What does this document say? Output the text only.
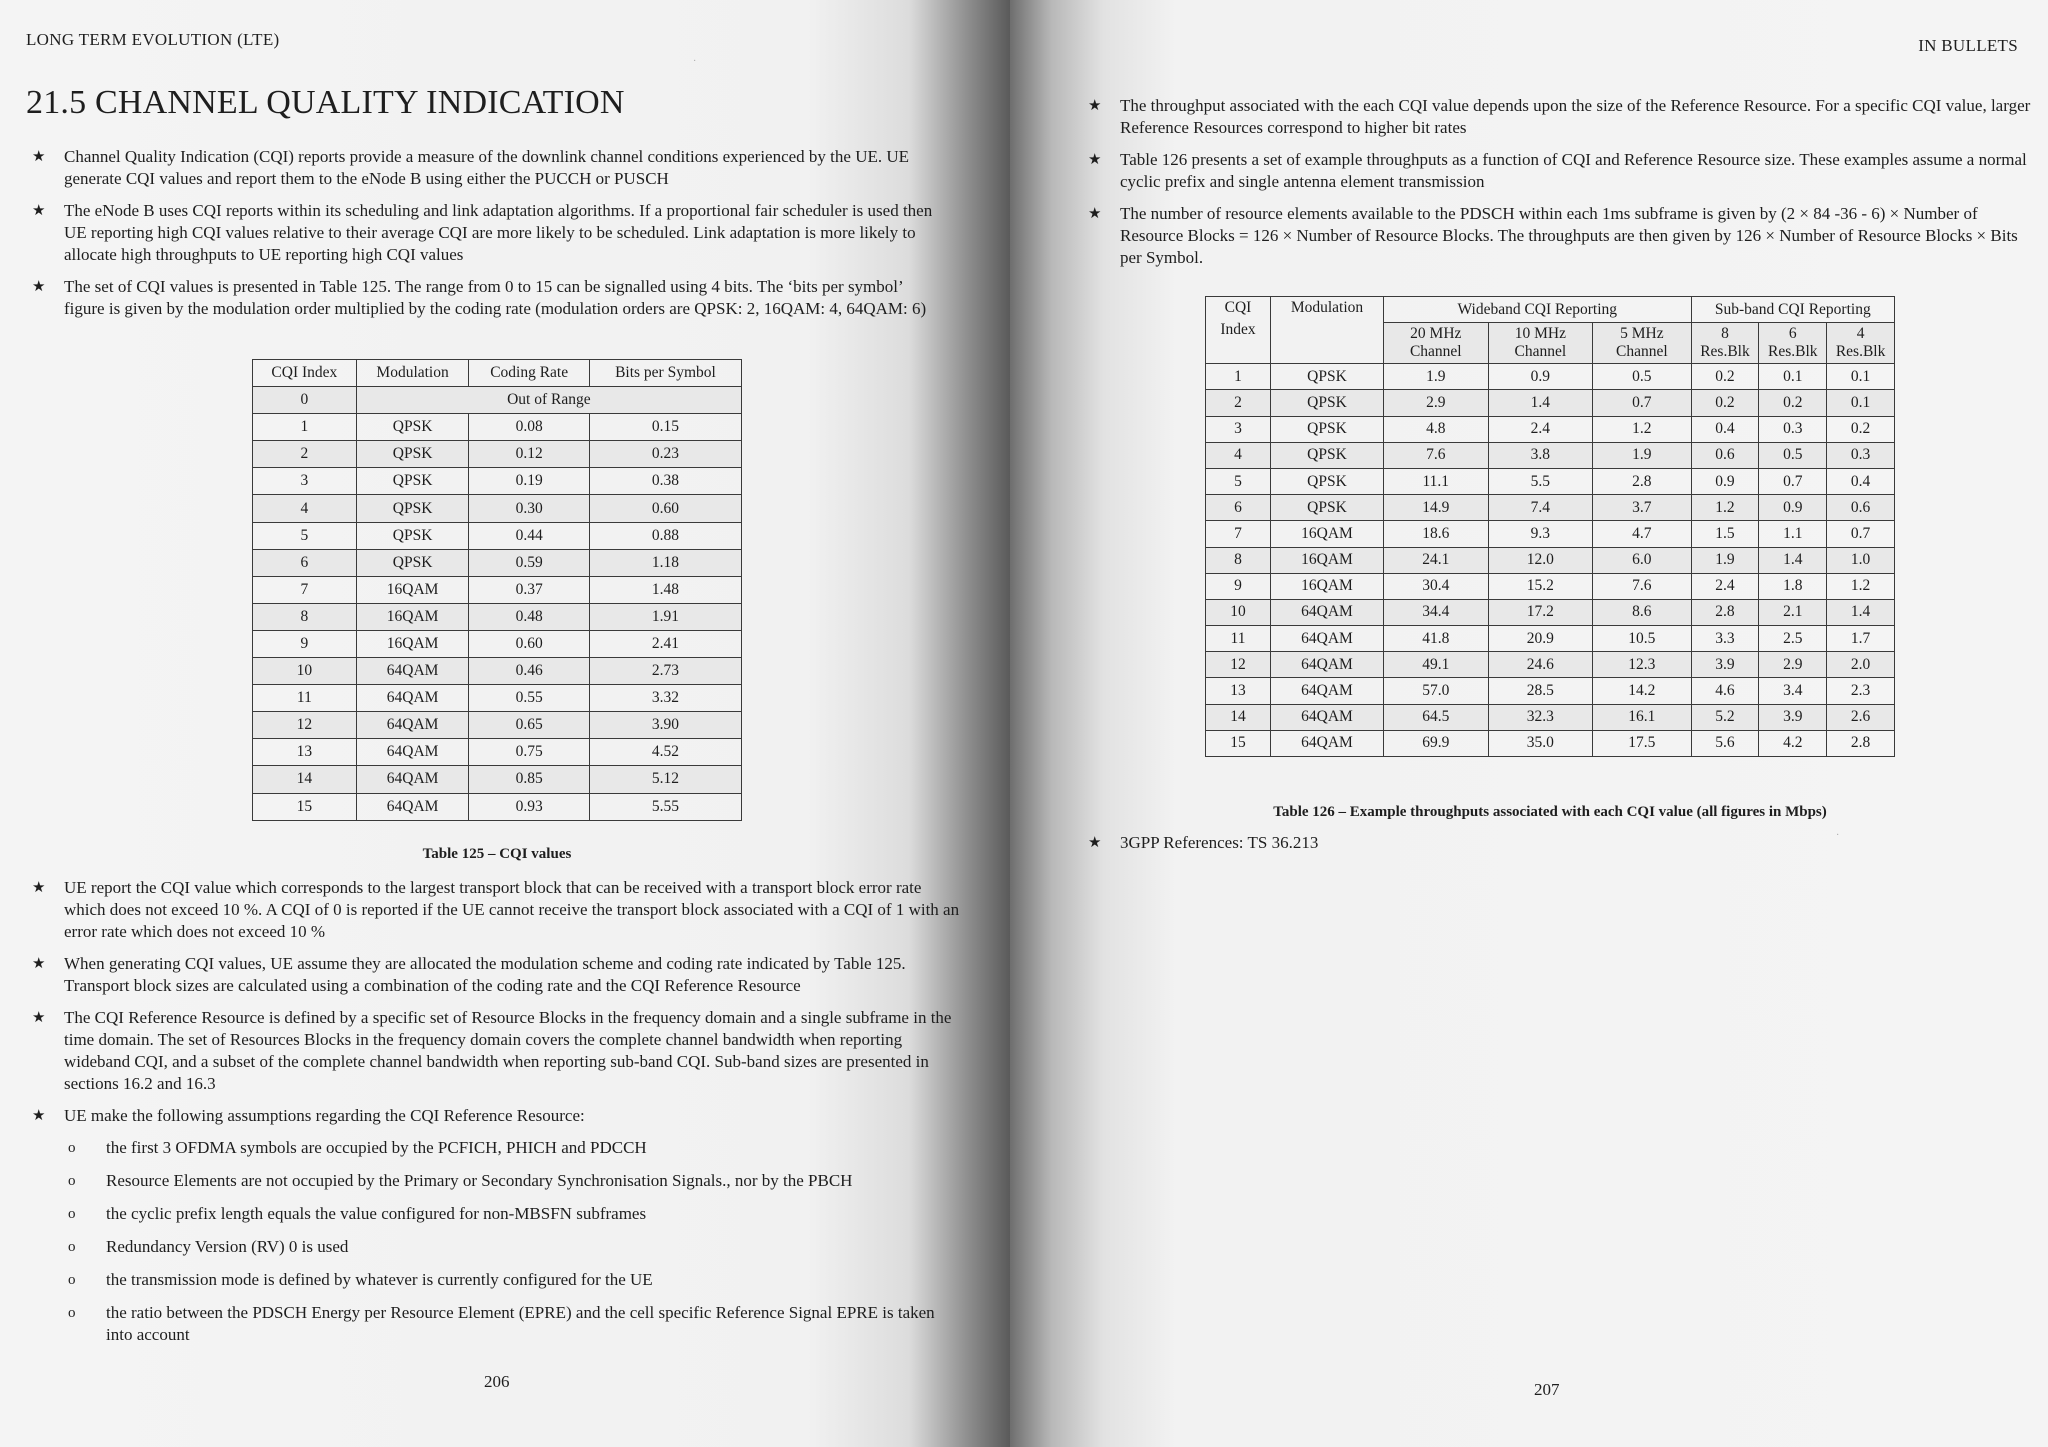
LONG TERM EVOLUTION (LTE)
21.5 CHANNEL QUALITY INDICATION
★ Channel Quality Indication (CQI) reports provide a measure of the downlink channel conditions experienced by the UE. UE generate CQI values and report them to the eNode B using either the PUCCH or PUSCH
★ The eNode B uses CQI reports within its scheduling and link adaptation algorithms. If a proportional fair scheduler is used then UE reporting high CQI values relative to their average CQI are more likely to be scheduled. Link adaptation is more likely to allocate high throughputs to UE reporting high CQI values
★ The set of CQI values is presented in Table 125. The range from 0 to 15 can be signalled using 4 bits. The ‘bits per symbol’ figure is given by the modulation order multiplied by the coding rate (modulation orders are QPSK: 2, 16QAM: 4, 64QAM: 6)
CQI Index	Modulation	Coding Rate	Bits per Symbol
0	Out of Range		
1	QPSK	0.08	0.15
2	QPSK	0.12	0.23
3	QPSK	0.19	0.38
4	QPSK	0.30	0.60
5	QPSK	0.44	0.88
6	QPSK	0.59	1.18
7	16QAM	0.37	1.48
8	16QAM	0.48	1.91
9	16QAM	0.60	2.41
10	64QAM	0.46	2.73
11	64QAM	0.55	3.32
12	64QAM	0.65	3.90
13	64QAM	0.75	4.52
14	64QAM	0.85	5.12
15	64QAM	0.93	5.55
Table 125 – CQI values
★ UE report the CQI value which corresponds to the largest transport block that can be received with a transport block error rate which does not exceed 10 %. A CQI of 0 is reported if the UE cannot receive the transport block associated with a CQI of 1 with an error rate which does not exceed 10 %
★ When generating CQI values, UE assume they are allocated the modulation scheme and coding rate indicated by Table 125. Transport block sizes are calculated using a combination of the coding rate and the CQI Reference Resource
★ The CQI Reference Resource is defined by a specific set of Resource Blocks in the frequency domain and a single subframe in the time domain. The set of Resources Blocks in the frequency domain covers the complete channel bandwidth when reporting wideband CQI, and a subset of the complete channel bandwidth when reporting sub-band CQI. Sub-band sizes are presented in sections 16.2 and 16.3
★ UE make the following assumptions regarding the CQI Reference Resource:
o the first 3 OFDMA symbols are occupied by the PCFICH, PHICH and PDCCH
o Resource Elements are not occupied by the Primary or Secondary Synchronisation Signals., nor by the PBCH
o the cyclic prefix length equals the value configured for non-MBSFN subframes
o Redundancy Version (RV) 0 is used
o the transmission mode is defined by whatever is currently configured for the UE
o the ratio between the PDSCH Energy per Resource Element (EPRE) and the cell specific Reference Signal EPRE is taken into account
206
·
IN BULLETS
★ The throughput associated with the each CQI value depends upon the size of the Reference Resource. For a specific CQI value, larger Reference Resources correspond to higher bit rates
★ Table 126 presents a set of example throughputs as a function of CQI and Reference Resource size. These examples assume a normal cyclic prefix and single antenna element transmission
★ The number of resource elements available to the PDSCH within each 1ms subframe is given by (2 × 84 -36 - 6) × Number of Resource Blocks = 126 × Number of Resource Blocks. The throughputs are then given by 126 × Number of Resource Blocks × Bits per Symbol.
CQI Index	Modulation	Wideband CQI Reporting			Sub-band CQI Reporting		
		20 MHz Channel	10 MHz Channel	5 MHz Channel	8 Res.Blk	6 Res.Blk	4 Res.Blk
1	QPSK	1.9	0.9	0.5	0.2	0.1	0.1
2	QPSK	2.9	1.4	0.7	0.2	0.2	0.1
3	QPSK	4.8	2.4	1.2	0.4	0.3	0.2
4	QPSK	7.6	3.8	1.9	0.6	0.5	0.3
5	QPSK	11.1	5.5	2.8	0.9	0.7	0.4
6	QPSK	14.9	7.4	3.7	1.2	0.9	0.6
7	16QAM	18.6	9.3	4.7	1.5	1.1	0.7
8	16QAM	24.1	12.0	6.0	1.9	1.4	1.0
9	16QAM	30.4	15.2	7.6	2.4	1.8	1.2
10	64QAM	34.4	17.2	8.6	2.8	2.1	1.4
11	64QAM	41.8	20.9	10.5	3.3	2.5	1.7
12	64QAM	49.1	24.6	12.3	3.9	2.9	2.0
13	64QAM	57.0	28.5	14.2	4.6	3.4	2.3
14	64QAM	64.5	32.3	16.1	5.2	3.9	2.6
15	64QAM	69.9	35.0	17.5	5.6	4.2	2.8
Table 126 – Example throughputs associated with each CQI value (all figures in Mbps)
★ 3GPP References: TS 36.213
207
·
